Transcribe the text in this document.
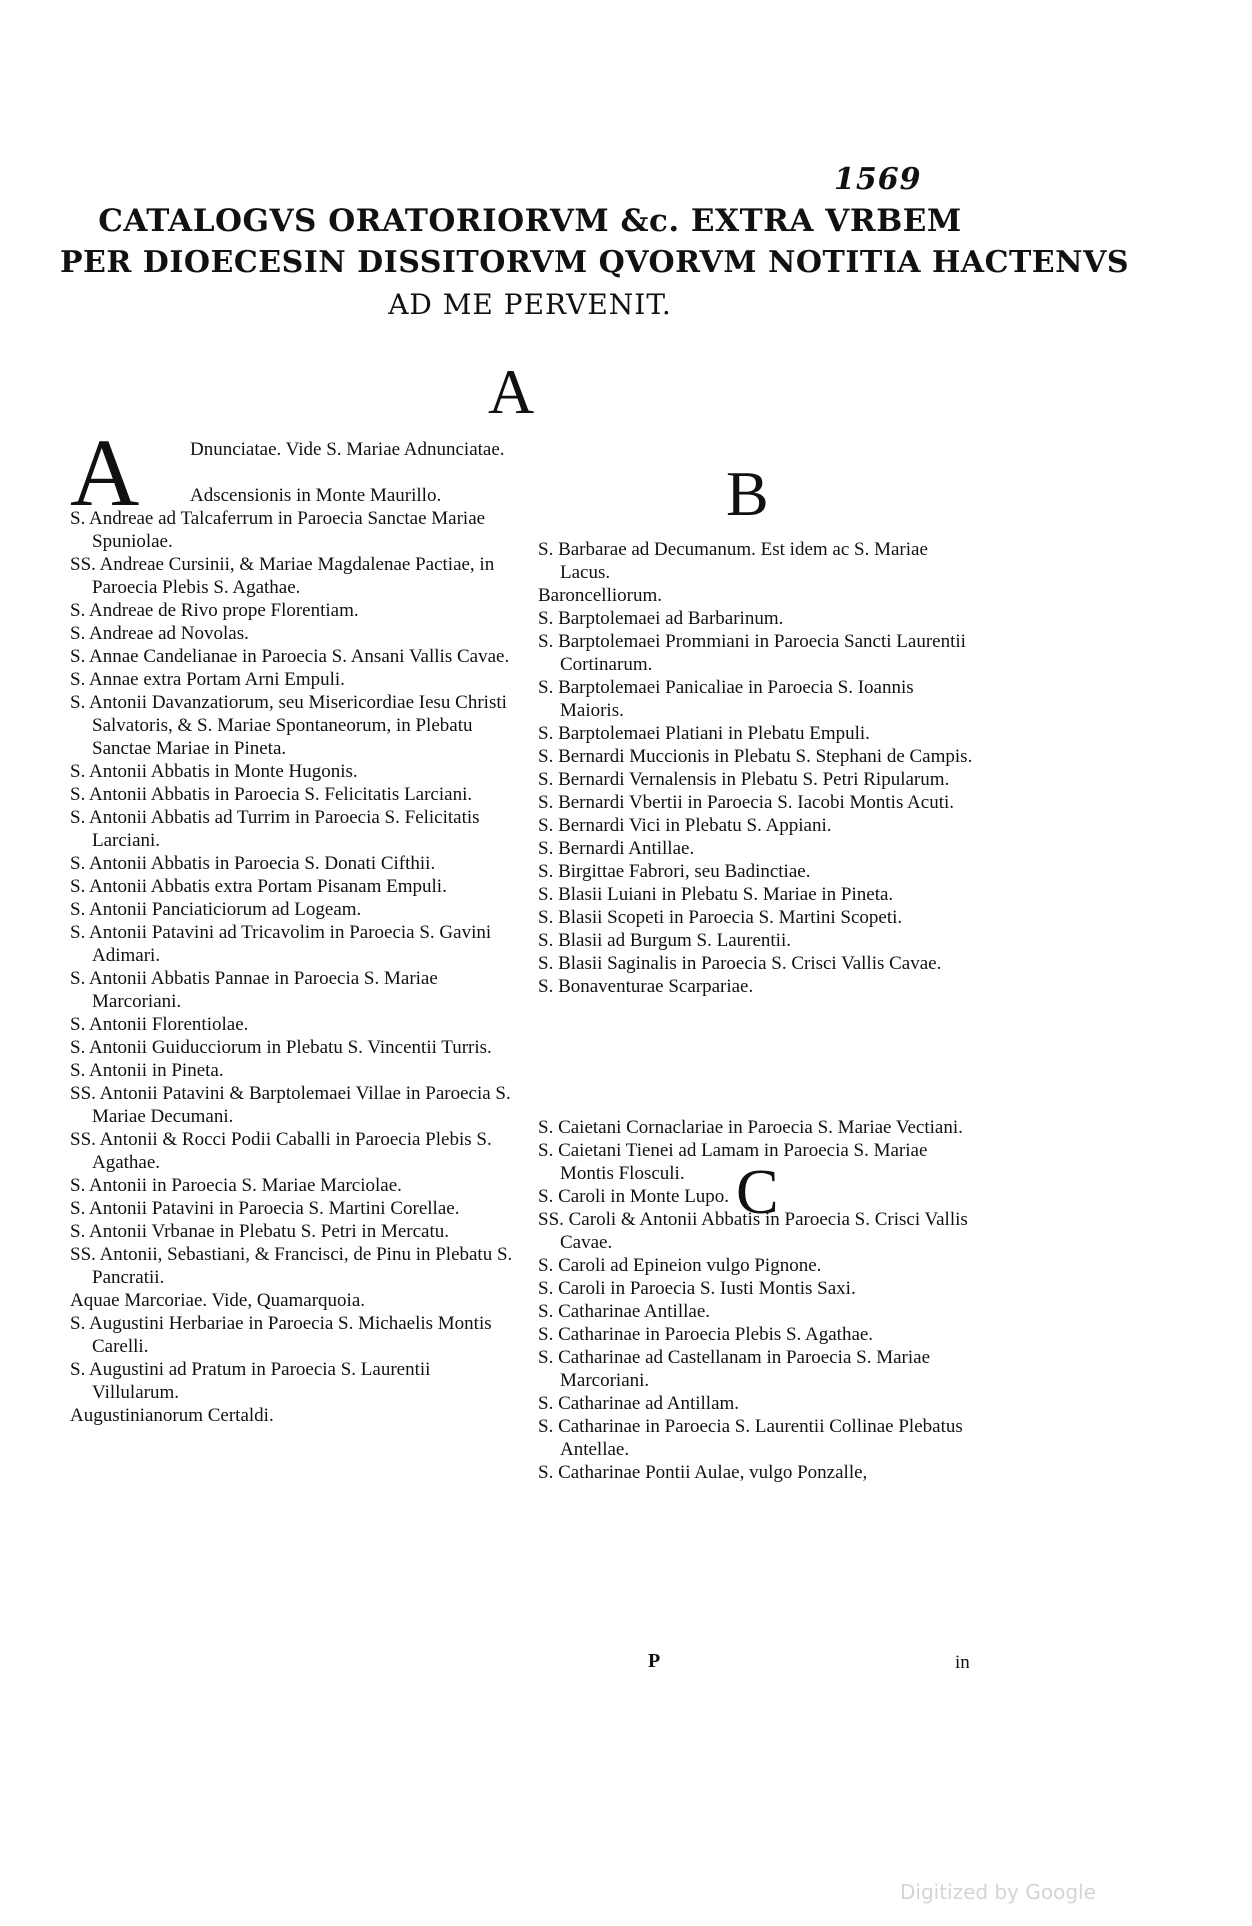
1569
CATALOGVS ORATORIORVM &c. EXTRA VRBEM
PER DIOECESIN DISSITORVM QVORVM NOTITIA HACTENVS
AD ME PERVENIT.
A
B
C
A	Dnunciatae. Vide S. Mariae Adnunciatae.
Adscensionis in Monte Maurillo.
S. Andreae ad Talcaferrum in Paroecia Sanctae Mariae Spuniolae.
SS. Andreae Cursinii, & Mariae Magdalenae Pactiae, in Paroecia Plebis S. Agathae.
S. Andreae de Rivo prope Florentiam.
S. Andreae ad Novolas.
S. Annae Candelianae in Paroecia S. Ansani Vallis Cavae.
S. Annae extra Portam Arni Empuli.
S. Antonii Davanzatiorum, seu Misericordiae Iesu Christi Salvatoris, & S. Mariae Spontaneorum, in Plebatu Sanctae Mariae in Pineta.
S. Antonii Abbatis in Monte Hugonis.
S. Antonii Abbatis in Paroecia S. Felicitatis Larciani.
S. Antonii Abbatis ad Turrim in Paroecia S. Felicitatis Larciani.
S. Antonii Abbatis in Paroecia S. Donati Cifthii.
S. Antonii Abbatis extra Portam Pisanam Empuli.
S. Antonii Panciaticiorum ad Logeam.
S. Antonii Patavini ad Tricavolim in Paroecia S. Gavini Adimari.
S. Antonii Abbatis Pannae in Paroecia S. Mariae Marcoriani.
S. Antonii Florentiolae.
S. Antonii Guiducciorum in Plebatu S. Vincentii Turris.
S. Antonii in Pineta.
SS. Antonii Patavini & Barptolemaei Villae in Paroecia S. Mariae Decumani.
SS. Antonii & Rocci Podii Caballi in Paroecia Plebis S. Agathae.
S. Antonii in Paroecia S. Mariae Marciolae.
S. Antonii Patavini in Paroecia S. Martini Corellae.
S. Antonii Vrbanae in Plebatu S. Petri in Mercatu.
SS. Antonii, Sebastiani, & Francisci, de Pinu in Plebatu S. Pancratii.
Aquae Marcoriae. Vide, Quamarquoia.
S. Augustini Herbariae in Paroecia S. Michaelis Montis Carelli.
S. Augustini ad Pratum in Paroecia S. Laurentii Villularum.
Augustinianorum Certaldi.
S. Barbarae ad Decumanum. Est idem ac S. Mariae Lacus.
Baroncelliorum.
S. Barptolemaei ad Barbarinum.
S. Barptolemaei Prommiani in Paroecia Sancti Laurentii Cortinarum.
S. Barptolemaei Panicaliae in Paroecia S. Ioannis Maioris.
S. Barptolemaei Platiani in Plebatu Empuli.
S. Bernardi Muccionis in Plebatu S. Stephani de Campis.
S. Bernardi Vernalensis in Plebatu S. Petri Ripularum.
S. Bernardi Vbertii in Paroecia S. Iacobi Montis Acuti.
S. Bernardi Vici in Plebatu S. Appiani.
S. Bernardi Antillae.
S. Birgittae Fabrori, seu Badinctiae.
S. Blasii Luiani in Plebatu S. Mariae in Pineta.
S. Blasii Scopeti in Paroecia S. Martini Scopeti.
S. Blasii ad Burgum S. Laurentii.
S. Blasii Saginalis in Paroecia S. Crisci Vallis Cavae.
S. Bonaventurae Scarpariae.
S. Caietani Cornaclariae in Paroecia S. Mariae Vectiani.
S. Caietani Tienei ad Lamam in Paroecia S. Mariae Montis Flosculi.
S. Caroli in Monte Lupo.
SS. Caroli & Antonii Abbatis in Paroecia S. Crisci Vallis Cavae.
S. Caroli ad Epineion vulgo Pignone.
S. Caroli in Paroecia S. Iusti Montis Saxi.
S. Catharinae Antillae.
S. Catharinae in Paroecia Plebis S. Agathae.
S. Catharinae ad Castellanam in Paroecia S. Mariae Marcoriani.
S. Catharinae ad Antillam.
S. Catharinae in Paroecia S. Laurentii Collinae Plebatus Antellae.
S. Catharinae Pontii Aulae, vulgo Ponzalle,
P	in
Digitized by Google
